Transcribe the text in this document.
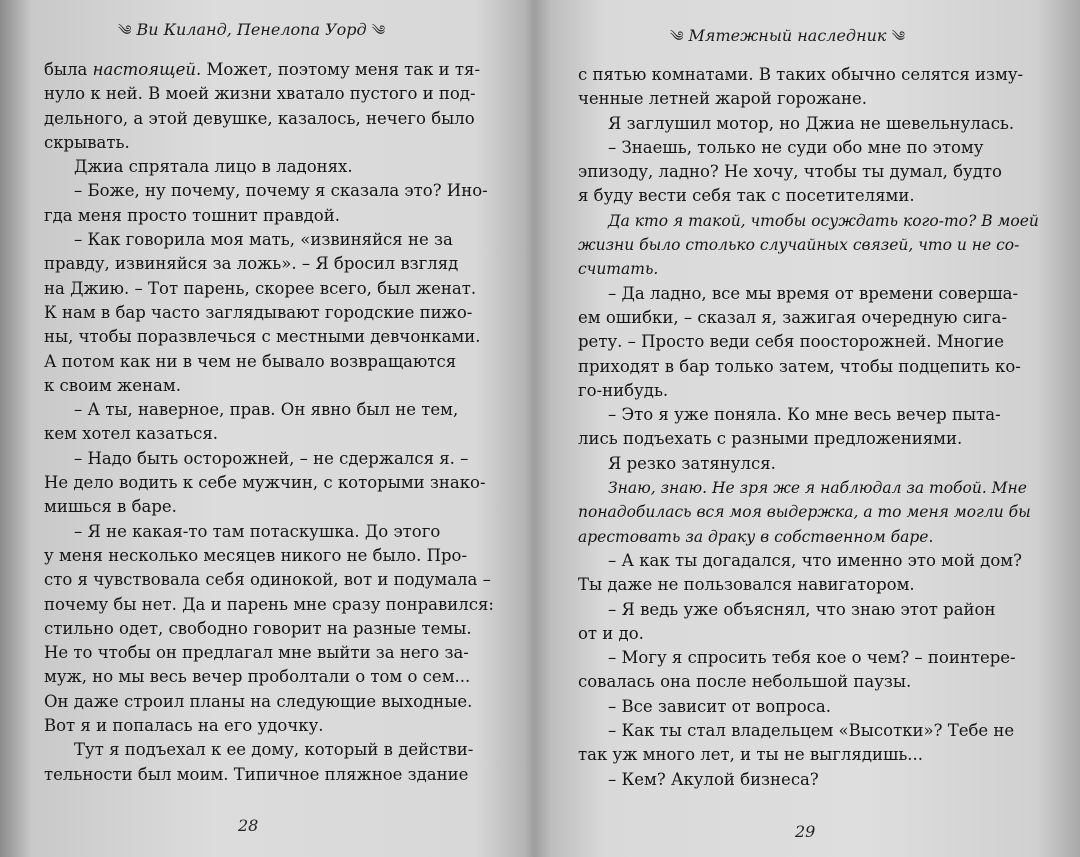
༄ Ви Киланд, Пенелопа Уорд ༄
была настоящей. Может, поэтому меня так и тя-
нуло к ней. В моей жизни хватало пустого и под-
дельного, а этой девушке, казалось, нечего было
скрывать.
Джиа спрятала лицо в ладонях.
– Боже, ну почему, почему я сказала это? Ино-
гда меня просто тошнит правдой.
– Как говорила моя мать, «извиняйся не за
правду, извиняйся за ложь». – Я бросил взгляд
на Джию. – Тот парень, скорее всего, был женат.
К нам в бар часто заглядывают городские пижо-
ны, чтобы поразвлечься с местными девчонками.
А потом как ни в чем не бывало возвращаются
к своим женам.
– А ты, наверное, прав. Он явно был не тем,
кем хотел казаться.
– Надо быть осторожней, – не сдержался я. –
Не дело водить к себе мужчин, с которыми знако-
мишься в баре.
– Я не какая-то там потаскушка. До этого
у меня несколько месяцев никого не было. Про-
сто я чувствовала себя одинокой, вот и подумала –
почему бы нет. Да и парень мне сразу понравился:
стильно одет, свободно говорит на разные темы.
Не то чтобы он предлагал мне выйти за него за-
муж, но мы весь вечер проболтали о том о сем...
Он даже строил планы на следующие выходные.
Вот я и попалась на его удочку.
Тут я подъехал к ее дому, который в действи-
тельности был моим. Типичное пляжное здание
28
༄ Мятежный наследник ༄
с пятью комнатами. В таких обычно селятся изму-
ченные летней жарой горожане.
Я заглушил мотор, но Джиа не шевельнулась.
– Знаешь, только не суди обо мне по этому
эпизоду, ладно? Не хочу, чтобы ты думал, будто
я буду вести себя так с посетителями.
Да кто я такой, чтобы осуждать кого-то? В моей
жизни было столько случайных связей, что и не со-
считать.
– Да ладно, все мы время от времени соверша-
ем ошибки, – сказал я, зажигая очередную сига-
рету. – Просто веди себя поосторожней. Многие
приходят в бар только затем, чтобы подцепить ко-
го-нибудь.
– Это я уже поняла. Ко мне весь вечер пыта-
лись подъехать с разными предложениями.
Я резко затянулся.
Знаю, знаю. Не зря же я наблюдал за тобой. Мне
понадобилась вся моя выдержка, а то меня могли бы
арестовать за драку в собственном баре.
– А как ты догадался, что именно это мой дом?
Ты даже не пользовался навигатором.
– Я ведь уже объяснял, что знаю этот район
от и до.
– Могу я спросить тебя кое о чем? – поинтере-
совалась она после небольшой паузы.
– Все зависит от вопроса.
– Как ты стал владельцем «Высотки»? Тебе не
так уж много лет, и ты не выглядишь...
– Кем? Акулой бизнеса?
29
